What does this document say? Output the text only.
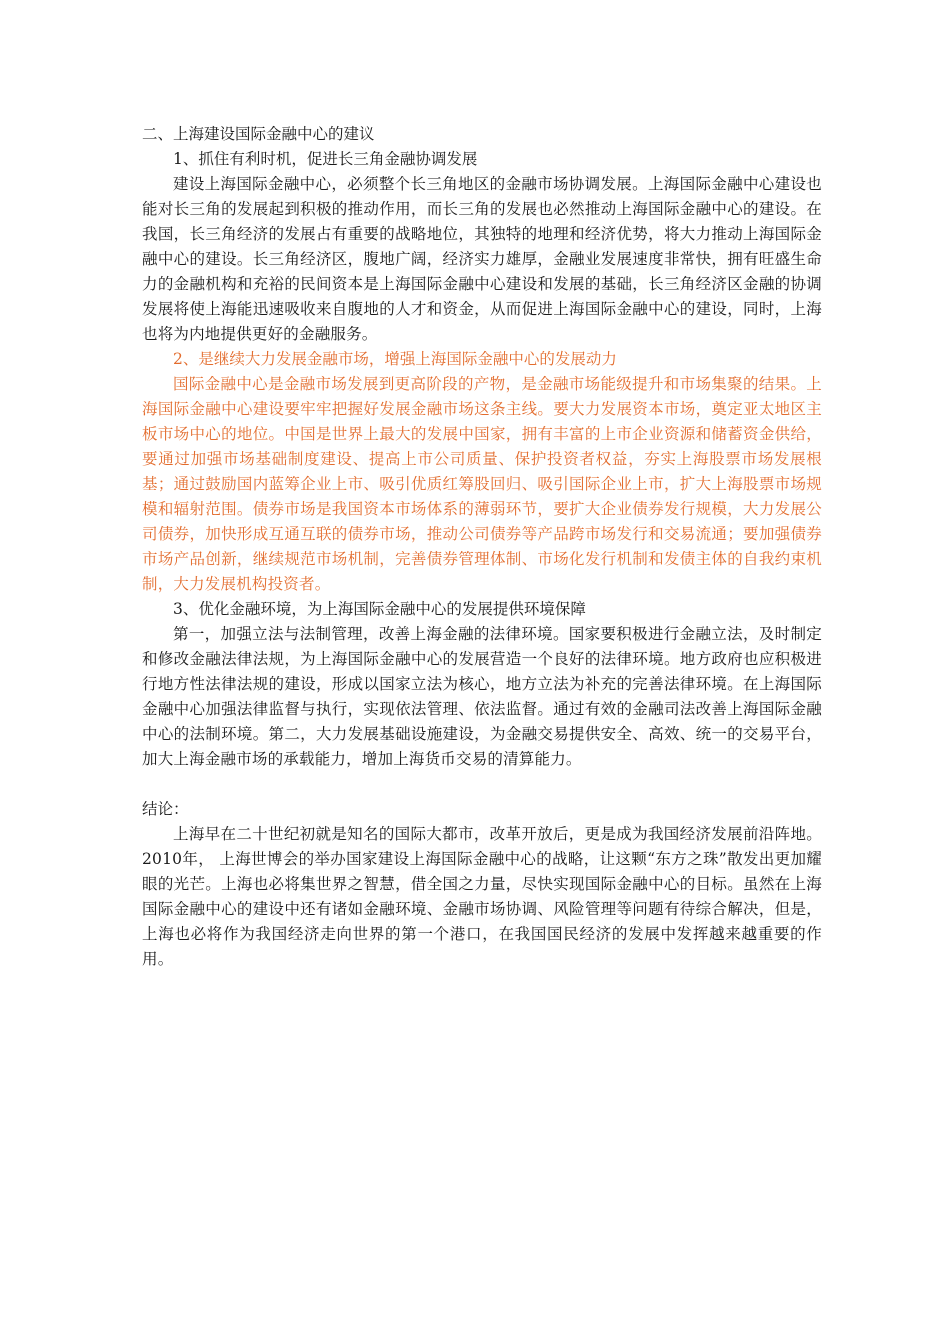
二、上海建设国际金融中心的建议

1、抓住有利时机，促进长三角金融协调发展

建设上海国际金融中心，必须整个长三角地区的金融市场协调发展。上海国际金融中心建设也能对长三角的发展起到积极的推动作用，而长三角的发展也必然推动上海国际金融中心的建设。在我国，长三角经济的发展占有重要的战略地位，其独特的地理和经济优势，将大力推动上海国际金融中心的建设。长三角经济区，腹地广阔，经济实力雄厚，金融业发展速度非常快，拥有旺盛生命力的金融机构和充裕的民间资本是上海国际金融中心建设和发展的基础，长三角经济区金融的协调发展将使上海能迅速吸收来自腹地的人才和资金，从而促进上海国际金融中心的建设，同时，上海也将为内地提供更好的金融服务。

2、是继续大力发展金融市场，增强上海国际金融中心的发展动力

国际金融中心是金融市场发展到更高阶段的产物，是金融市场能级提升和市场集聚的结果。上海国际金融中心建设要牢牢把握好发展金融市场这条主线。要大力发展资本市场，奠定亚太地区主板市场中心的地位。中国是世界上最大的发展中国家，拥有丰富的上市企业资源和储蓄资金供给，要通过加强市场基础制度建设、提高上市公司质量、保护投资者权益，夯实上海股票市场发展根基；通过鼓励国内蓝筹企业上市、吸引优质红筹股回归、吸引国际企业上市，扩大上海股票市场规模和辐射范围。债券市场是我国资本市场体系的薄弱环节，要扩大企业债券发行规模，大力发展公司债券，加快形成互通互联的债券市场，推动公司债券等产品跨市场发行和交易流通；要加强债券市场产品创新，继续规范市场机制，完善债券管理体制、市场化发行机制和发债主体的自我约束机制，大力发展机构投资者。

3、优化金融环境，为上海国际金融中心的发展提供环境保障

第一，加强立法与法制管理，改善上海金融的法律环境。国家要积极进行金融立法，及时制定和修改金融法律法规，为上海国际金融中心的发展营造一个良好的法律环境。地方政府也应积极进行地方性法律法规的建设，形成以国家立法为核心，地方立法为补充的完善法律环境。在上海国际金融中心加强法律监督与执行，实现依法管理、依法监督。通过有效的金融司法改善上海国际金融中心的法制环境。第二，大力发展基础设施建设，为金融交易提供安全、高效、统一的交易平台，加大上海金融市场的承载能力，增加上海货币交易的清算能力。

结论：

上海早在二十世纪初就是知名的国际大都市，改革开放后，更是成为我国经济发展前沿阵地。2010年， 上海世博会的举办国家建设上海国际金融中心的战略，让这颗“东方之珠”散发出更加耀眼的光芒。上海也必将集世界之智慧，借全国之力量，尽快实现国际金融中心的目标。虽然在上海国际金融中心的建设中还有诸如金融环境、金融市场协调、风险管理等问题有待综合解决，但是，上海也必将作为我国经济走向世界的第一个港口，在我国国民经济的发展中发挥越来越重要的作用。
